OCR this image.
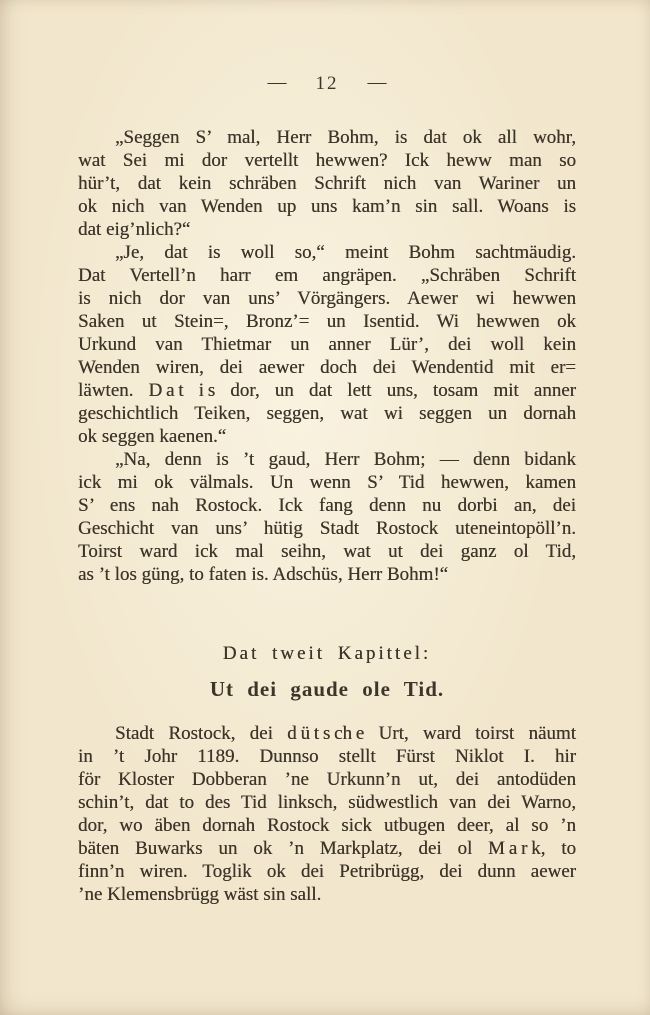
— 12 —
„Seggen S’ mal, Herr Bohm, is dat ok all wohr,
wat Sei mi dor vertellt hewwen? Ick heww man so
hür’t, dat kein schräben Schrift nich van Wariner un
ok nich van Wenden up uns kam’n sin sall. Woans is
dat eig’nlich?“
„Je, dat is woll so,“ meint Bohm sachtmäudig.
Dat Vertell’n harr em angräpen. „Schräben Schrift
is nich dor van uns’ Vörgängers. Aewer wi hewwen
Saken ut Stein=, Bronz’= un Isentid. Wi hewwen ok
Urkund van Thietmar un anner Lür’, dei woll kein
Wenden wiren, dei aewer doch dei Wendentid mit er=
läwten. D a t i s dor, un dat lett uns, tosam mit anner
geschichtlich Teiken, seggen, wat wi seggen un dornah
ok seggen kaenen.“
„Na, denn is ’t gaud, Herr Bohm; — denn bidank
ick mi ok välmals. Un wenn S’ Tid hewwen, kamen
S’ ens nah Rostock. Ick fang denn nu dorbi an, dei
Geschicht van uns’ hütig Stadt Rostock uteneintopöll’n.
Toirst ward ick mal seihn, wat ut dei ganz ol Tid,
as ’t los güng, to faten is. Adschüs, Herr Bohm!“
Dat tweit Kapittel:
Ut dei gaude ole Tid.
Stadt Rostock, dei d ü t s ch e Urt, ward toirst näumt
in ’t Johr 1189. Dunnso stellt Fürst Niklot I. hir
för Kloster Dobberan ’ne Urkunn’n ut, dei antodüden
schin’t, dat to des Tid linksch, südwestlich van dei Warno,
dor, wo äben dornah Rostock sick utbugen deer, al so ’n
bäten Buwarks un ok ’n Markplatz, dei ol M a r k, to
finn’n wiren. Toglik ok dei Petribrügg, dei dunn aewer
’ne Klemensbrügg wäst sin sall.
